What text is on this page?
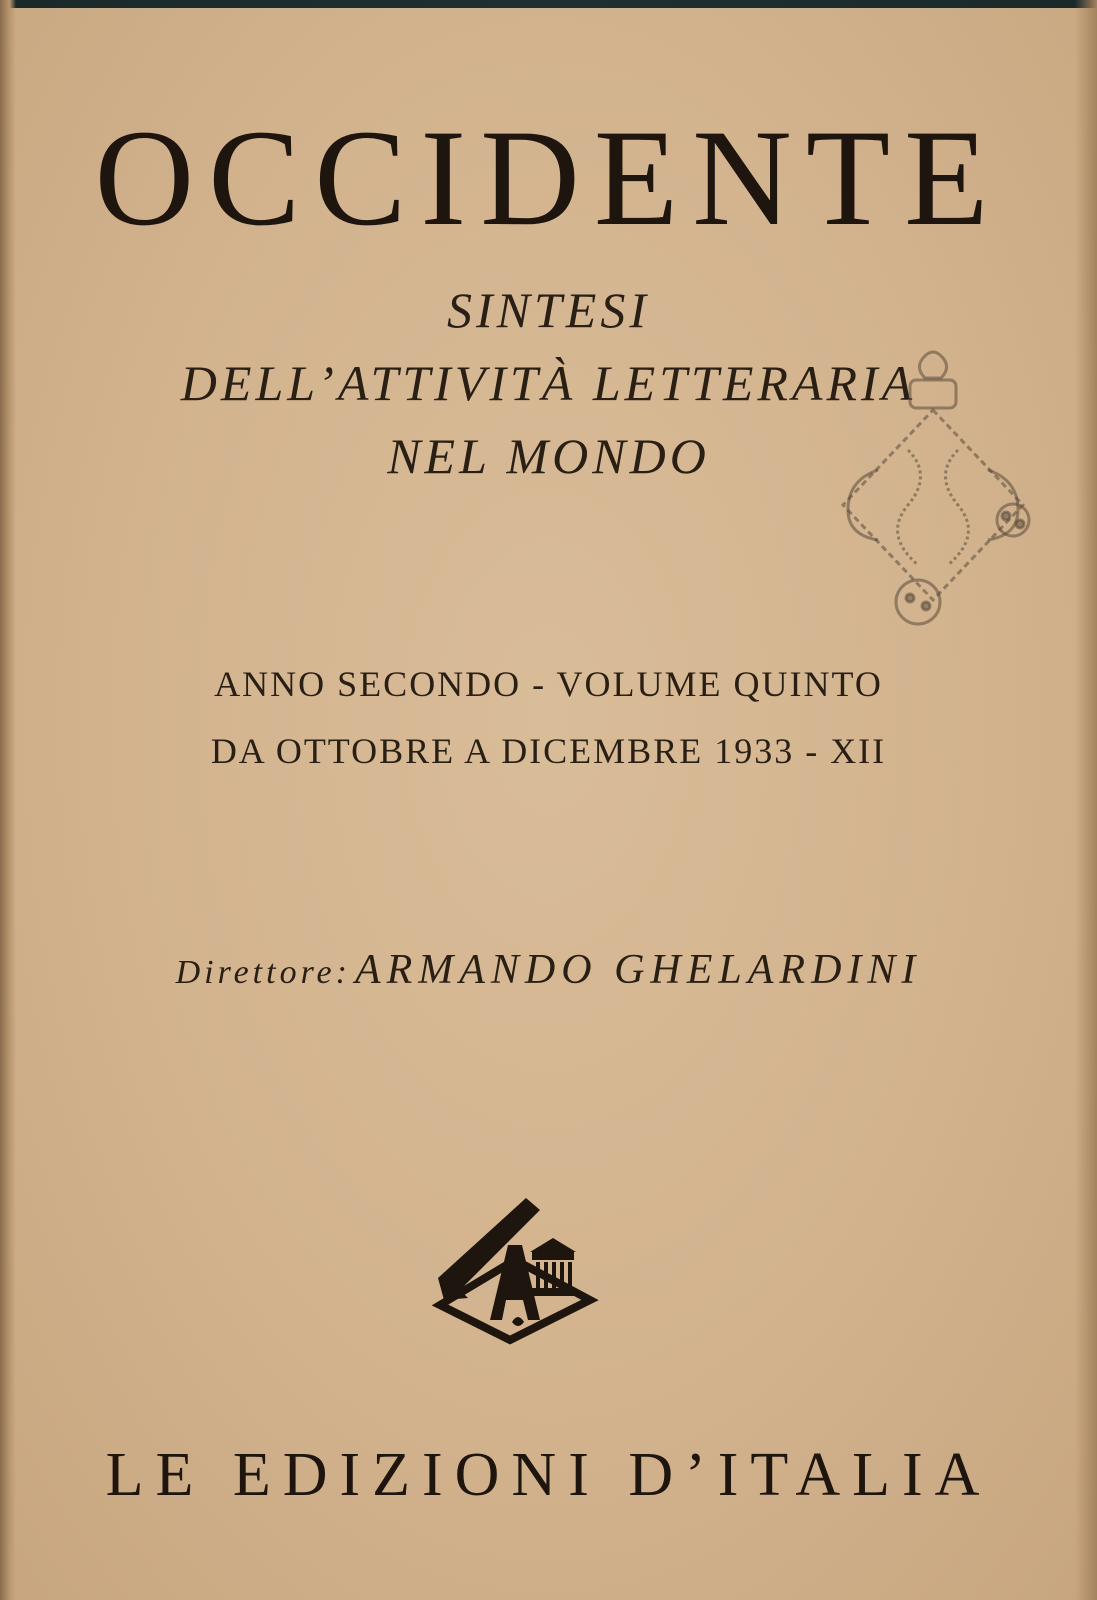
OCCIDENTE
SINTESI
DELL’ATTIVITÀ LETTERARIA
NEL MONDO
ANNO SECONDO - VOLUME QUINTO
DA OTTOBRE A DICEMBRE 1933 - XII
Direttore: ARMANDO GHELARDINI
LE EDIZIONI D’ITALIA
